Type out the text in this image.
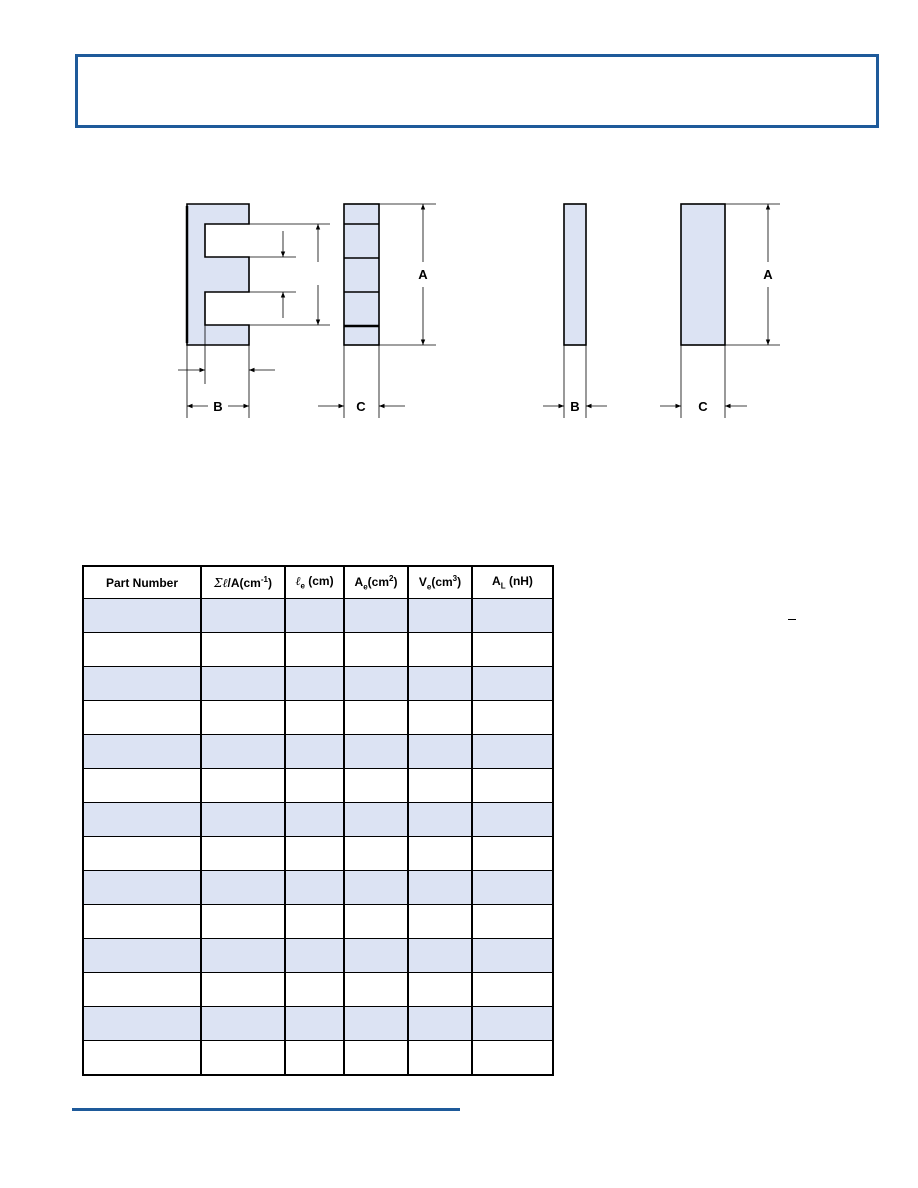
A
B	C	B
A
C
Part Number	$\Sigma\ell/A(cm^{-1})$	ℓ$_e$ (cm)	$A_e(cm^2)$	$V_e(cm^3)$	$A_L$ (nH)
